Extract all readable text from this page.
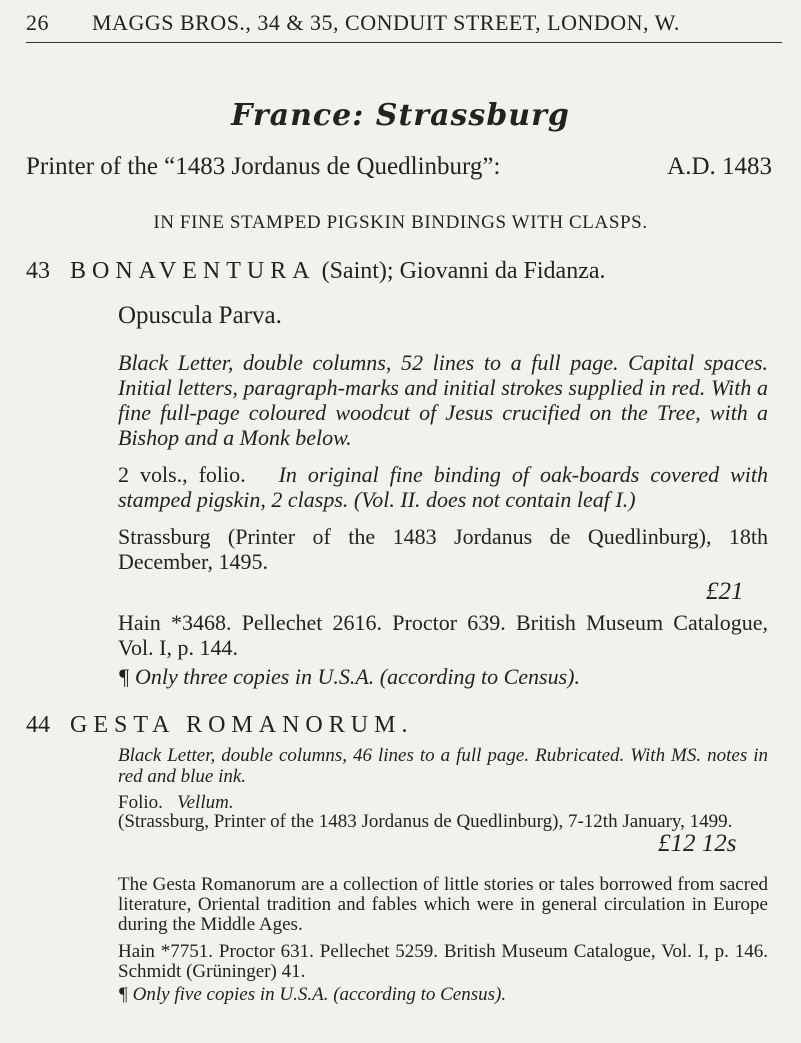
26 MAGGS BROS., 34 & 35, CONDUIT STREET, LONDON, W.
France: Strassburg
Printer of the “1483 Jordanus de Quedlinburg”:	A.D. 1483
IN FINE STAMPED PIGSKIN BINDINGS WITH CLASPS.
43 BONAVENTURA (Saint); Giovanni da Fidanza.
Opuscula Parva.

Black Letter, double columns, 52 lines to a full page. Capital spaces. Initial letters, paragraph-marks and initial strokes supplied in red. With a fine full-page coloured woodcut of Jesus crucified on the Tree, with a Bishop and a Monk below.

2 vols., folio. In original fine binding of oak-boards covered with stamped pigskin, 2 clasps. (Vol. II. does not contain leaf I.)

Strassburg (Printer of the 1483 Jordanus de Quedlinburg), 18th December, 1495.

£21

Hain *3468. Pellechet 2616. Proctor 639. British Museum Catalogue, Vol. I, p. 144.

¶ Only three copies in U.S.A. (according to Census).

44 GESTA ROMANORUM.

Black Letter, double columns, 46 lines to a full page. Rubricated. With MS. notes in red and blue ink.

Folio. Vellum.

(Strassburg, Printer of the 1483 Jordanus de Quedlinburg), 7-12th January, 1499.

£12 12s

The Gesta Romanorum are a collection of little stories or tales borrowed from sacred literature, Oriental tradition and fables which were in general circulation in Europe during the Middle Ages.

Hain *7751. Proctor 631. Pellechet 5259. British Museum Catalogue, Vol. I, p. 146. Schmidt (Grüninger) 41.

¶ Only five copies in U.S.A. (according to Census).
